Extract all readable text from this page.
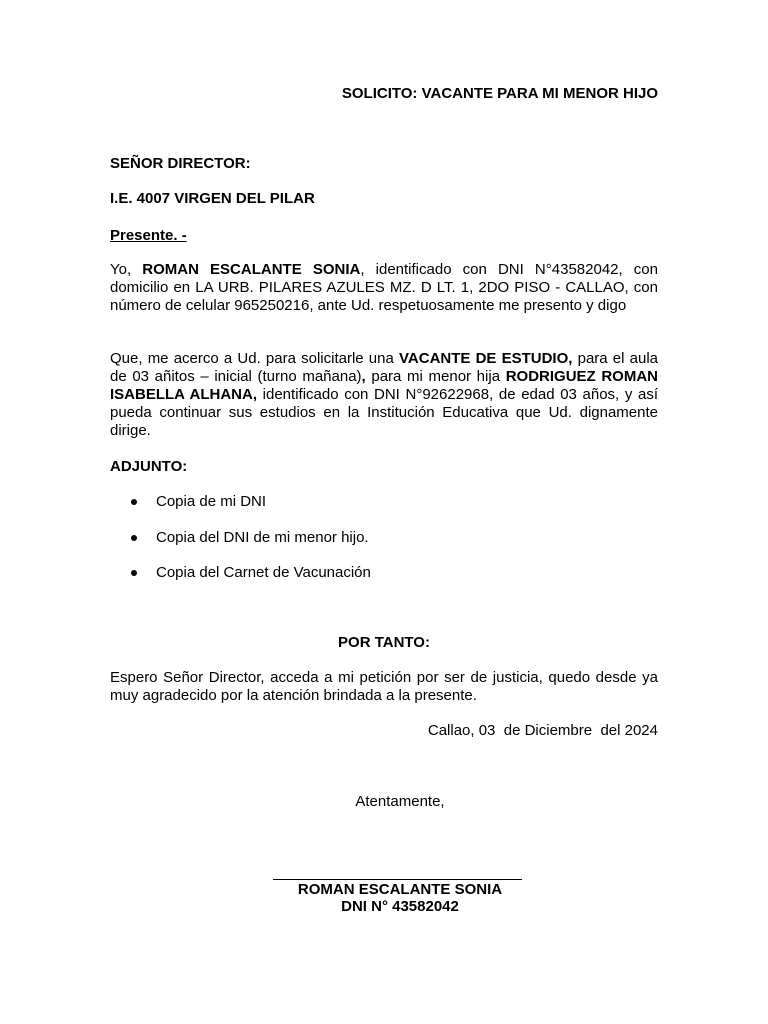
SOLICITO: VACANTE PARA MI MENOR HIJO
SEÑOR DIRECTOR:
I.E. 4007 VIRGEN DEL PILAR
Presente. -
Yo, ROMAN ESCALANTE SONIA, identificado con DNI N°43582042, con domicilio en LA URB. PILARES AZULES MZ. D LT. 1, 2DO PISO - CALLAO, con número de celular 965250216, ante Ud. respetuosamente me presento y digo
Que, me acerco a Ud. para solicitarle una VACANTE DE ESTUDIO, para el aula de 03 añitos – inicial (turno mañana), para mi menor hija RODRIGUEZ ROMAN ISABELLA ALHANA, identificado con DNI N°92622968, de edad 03 años, y así pueda continuar sus estudios en la Institución Educativa que Ud. dignamente dirige.
ADJUNTO:
Copia de mi DNI
Copia del DNI de mi menor hijo.
Copia del Carnet de Vacunación
POR TANTO:
Espero Señor Director, acceda a mi petición por ser de justicia, quedo desde ya muy agradecido por la atención brindada a la presente.
Callao, 03  de Diciembre  del 2024
Atentamente,
ROMAN ESCALANTE SONIA
DNI N° 43582042
